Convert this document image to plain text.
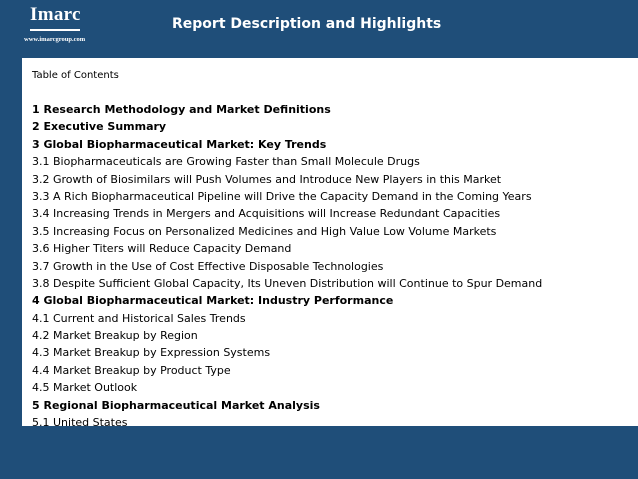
Imarc
www.imarcgroup.com
Report Description and Highlights
Table of Contents
1 Research Methodology and Market Definitions
2 Executive Summary
3 Global Biopharmaceutical Market: Key Trends
3.1 Biopharmaceuticals are Growing Faster than Small Molecule Drugs
3.2 Growth of Biosimilars will Push Volumes and Introduce New Players in this Market
3.3 A Rich Biopharmaceutical Pipeline will Drive the Capacity Demand in the Coming Years
3.4 Increasing Trends in Mergers and Acquisitions will Increase Redundant Capacities
3.5 Increasing Focus on Personalized Medicines and High Value Low Volume Markets
3.6 Higher Titers will Reduce Capacity Demand
3.7 Growth in the Use of Cost Effective Disposable Technologies
3.8 Despite Sufficient Global Capacity, Its Uneven Distribution will Continue to Spur Demand
4 Global Biopharmaceutical Market: Industry Performance
4.1 Current and Historical Sales Trends
4.2 Market Breakup by Region
4.3 Market Breakup by Expression Systems
4.4 Market Breakup by Product Type
4.5 Market Outlook
5 Regional Biopharmaceutical Market Analysis
5.1 United States
